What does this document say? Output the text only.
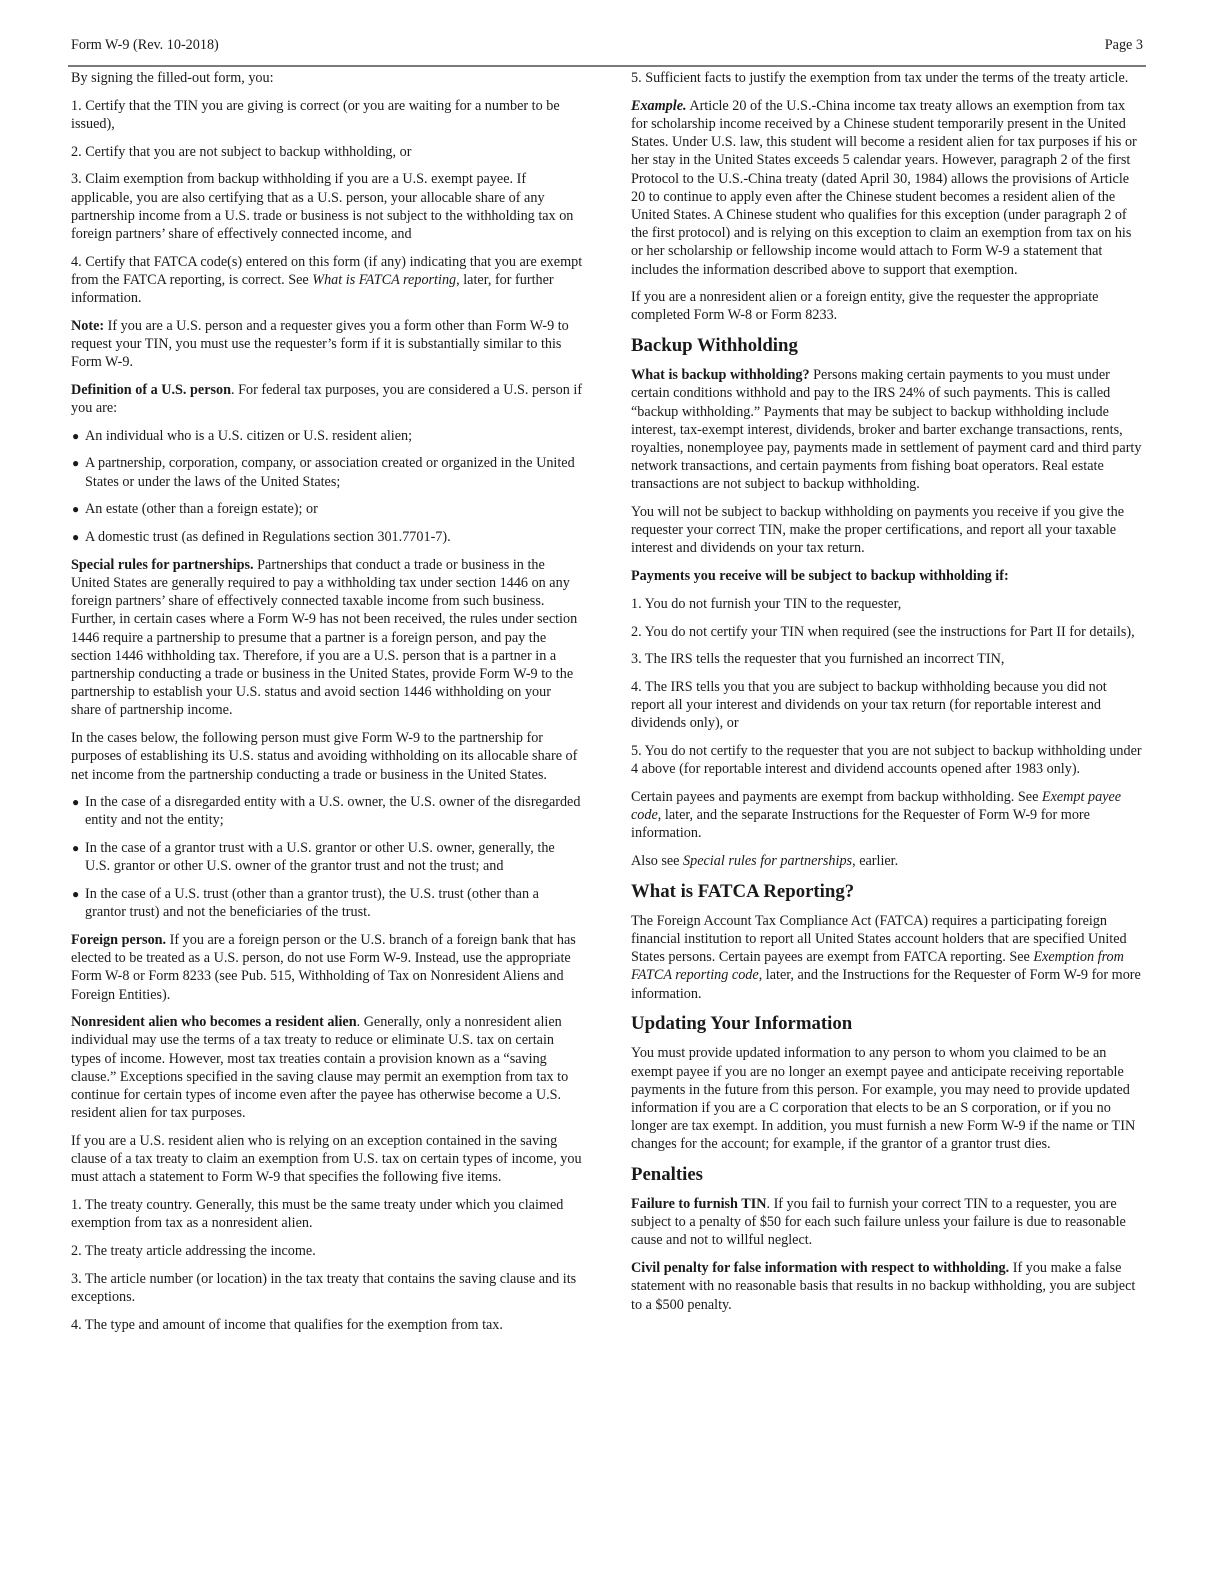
Form W-9 (Rev. 10-2018)	Page 3

By signing the filled-out form, you:

1. Certify that the TIN you are giving is correct (or you are waiting for a number to be issued),

2. Certify that you are not subject to backup withholding, or

3. Claim exemption from backup withholding if you are a U.S. exempt payee. If applicable, you are also certifying that as a U.S. person, your allocable share of any partnership income from a U.S. trade or business is not subject to the withholding tax on foreign partners’ share of effectively connected income, and

4. Certify that FATCA code(s) entered on this form (if any) indicating that you are exempt from the FATCA reporting, is correct. See What is FATCA reporting, later, for further information.

Note: If you are a U.S. person and a requester gives you a form other than Form W-9 to request your TIN, you must use the requester’s form if it is substantially similar to this Form W-9.

Definition of a U.S. person. For federal tax purposes, you are considered a U.S. person if you are:

● An individual who is a U.S. citizen or U.S. resident alien;
● A partnership, corporation, company, or association created or organized in the United States or under the laws of the United States;
● An estate (other than a foreign estate); or
● A domestic trust (as defined in Regulations section 301.7701-7).

Special rules for partnerships. Partnerships that conduct a trade or business in the United States are generally required to pay a withholding tax under section 1446 on any foreign partners’ share of effectively connected taxable income from such business. Further, in certain cases where a Form W-9 has not been received, the rules under section 1446 require a partnership to presume that a partner is a foreign person, and pay the section 1446 withholding tax. Therefore, if you are a U.S. person that is a partner in a partnership conducting a trade or business in the United States, provide Form W-9 to the partnership to establish your U.S. status and avoid section 1446 withholding on your share of partnership income.

In the cases below, the following person must give Form W-9 to the partnership for purposes of establishing its U.S. status and avoiding withholding on its allocable share of net income from the partnership conducting a trade or business in the United States.

● In the case of a disregarded entity with a U.S. owner, the U.S. owner of the disregarded entity and not the entity;
● In the case of a grantor trust with a U.S. grantor or other U.S. owner, generally, the U.S. grantor or other U.S. owner of the grantor trust and not the trust; and
● In the case of a U.S. trust (other than a grantor trust), the U.S. trust (other than a grantor trust) and not the beneficiaries of the trust.

Foreign person. If you are a foreign person or the U.S. branch of a foreign bank that has elected to be treated as a U.S. person, do not use Form W-9. Instead, use the appropriate Form W-8 or Form 8233 (see Pub. 515, Withholding of Tax on Nonresident Aliens and Foreign Entities).

Nonresident alien who becomes a resident alien. Generally, only a nonresident alien individual may use the terms of a tax treaty to reduce or eliminate U.S. tax on certain types of income. However, most tax treaties contain a provision known as a “saving clause.” Exceptions specified in the saving clause may permit an exemption from tax to continue for certain types of income even after the payee has otherwise become a U.S. resident alien for tax purposes.

If you are a U.S. resident alien who is relying on an exception contained in the saving clause of a tax treaty to claim an exemption from U.S. tax on certain types of income, you must attach a statement to Form W-9 that specifies the following five items.

1. The treaty country. Generally, this must be the same treaty under which you claimed exemption from tax as a nonresident alien.

2. The treaty article addressing the income.

3. The article number (or location) in the tax treaty that contains the saving clause and its exceptions.

4. The type and amount of income that qualifies for the exemption from tax.

5. Sufficient facts to justify the exemption from tax under the terms of the treaty article.

Example. Article 20 of the U.S.-China income tax treaty allows an exemption from tax for scholarship income received by a Chinese student temporarily present in the United States. Under U.S. law, this student will become a resident alien for tax purposes if his or her stay in the United States exceeds 5 calendar years. However, paragraph 2 of the first Protocol to the U.S.-China treaty (dated April 30, 1984) allows the provisions of Article 20 to continue to apply even after the Chinese student becomes a resident alien of the United States. A Chinese student who qualifies for this exception (under paragraph 2 of the first protocol) and is relying on this exception to claim an exemption from tax on his or her scholarship or fellowship income would attach to Form W-9 a statement that includes the information described above to support that exemption.

If you are a nonresident alien or a foreign entity, give the requester the appropriate completed Form W-8 or Form 8233.

Backup Withholding

What is backup withholding? Persons making certain payments to you must under certain conditions withhold and pay to the IRS 24% of such payments. This is called “backup withholding.” Payments that may be subject to backup withholding include interest, tax-exempt interest, dividends, broker and barter exchange transactions, rents, royalties, nonemployee pay, payments made in settlement of payment card and third party network transactions, and certain payments from fishing boat operators. Real estate transactions are not subject to backup withholding.

You will not be subject to backup withholding on payments you receive if you give the requester your correct TIN, make the proper certifications, and report all your taxable interest and dividends on your tax return.

Payments you receive will be subject to backup withholding if:

1. You do not furnish your TIN to the requester,

2. You do not certify your TIN when required (see the instructions for Part II for details),

3. The IRS tells the requester that you furnished an incorrect TIN,

4. The IRS tells you that you are subject to backup withholding because you did not report all your interest and dividends on your tax return (for reportable interest and dividends only), or

5. You do not certify to the requester that you are not subject to backup withholding under 4 above (for reportable interest and dividend accounts opened after 1983 only).

Certain payees and payments are exempt from backup withholding. See Exempt payee code, later, and the separate Instructions for the Requester of Form W-9 for more information.

Also see Special rules for partnerships, earlier.

What is FATCA Reporting?

The Foreign Account Tax Compliance Act (FATCA) requires a participating foreign financial institution to report all United States account holders that are specified United States persons. Certain payees are exempt from FATCA reporting. See Exemption from FATCA reporting code, later, and the Instructions for the Requester of Form W-9 for more information.

Updating Your Information

You must provide updated information to any person to whom you claimed to be an exempt payee if you are no longer an exempt payee and anticipate receiving reportable payments in the future from this person. For example, you may need to provide updated information if you are a C corporation that elects to be an S corporation, or if you no longer are tax exempt. In addition, you must furnish a new Form W-9 if the name or TIN changes for the account; for example, if the grantor of a grantor trust dies.

Penalties

Failure to furnish TIN. If you fail to furnish your correct TIN to a requester, you are subject to a penalty of $50 for each such failure unless your failure is due to reasonable cause and not to willful neglect.

Civil penalty for false information with respect to withholding. If you make a false statement with no reasonable basis that results in no backup withholding, you are subject to a $500 penalty.
